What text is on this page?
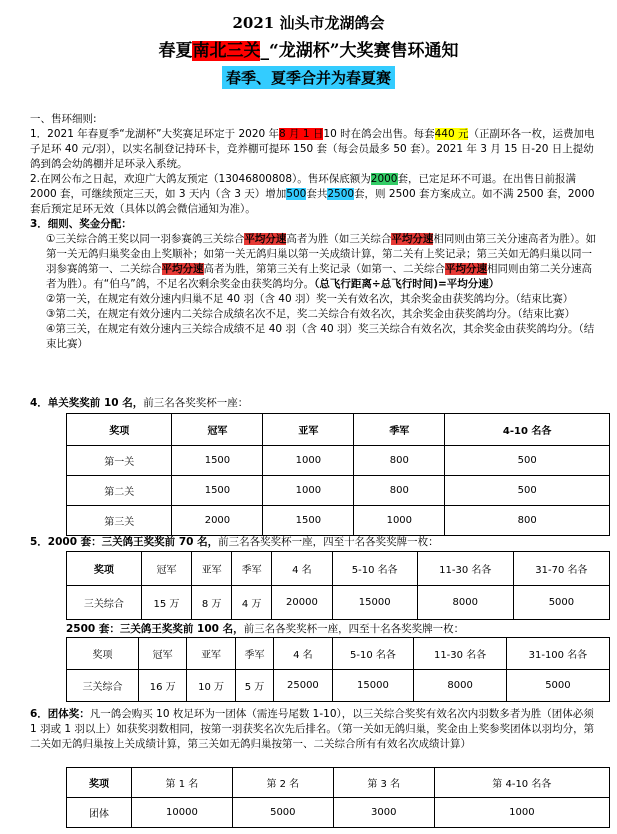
2021 汕头市龙湖鸽会
春夏南北三关_“龙湖杯”大奖赛售环通知
春季、夏季合并为春夏赛
一、售环细则:
1．2021 年春夏季“龙湖杯”大奖赛足环定于 2020 年8 月 1 日10 时在鸽会出售。每套440 元（正副环各一枚，运费加电子足环 40 元/羽），以实名制登记持环卡，竞养棚可提环 150 套（每会员最多 50 套）。2021 年 3 月 15 日-20 日上提幼鸽到鸽会幼鸽棚并足环录入系统。
2.在网公布之日起，欢迎广大鸽友预定（13046800808）。售环保底额为2000套，已定足环不可退。在出售日前报满 2000 套，可继续预定三天，如 3 天内（含 3 天）增加500套共2500套，则 2500 套方案成立。如不满 2500 套，2000 套后预定足环无效（具体以鸽会微信通知为准）。
3．细则、奖金分配：
①三关综合鸽王奖以同一羽参赛鸽三关综合平均分速高者为胜（如三关综合平均分速相同则由第三关分速高者为胜）。如第一关无鸽归巢奖金由上奖顺补；如第一关无鸽归巢以第一关成绩计算，第二关有上奖记录；第三关如无鸽归巢以同一羽参赛鸽第一、二关综合平均分速高者为胜，第第三关有上奖记录（如第一、二关综合平均分速相同则由第二关分速高者为胜）。有“伯乌”鸽，不足名次剩余奖金由获奖鸽均分。（总飞行距离÷总飞行时间)=平均分速）
②第一关，在规定有效分速内归巢不足 40 羽（含 40 羽）奖一关有效名次，其余奖金由获奖鸽均分。（结束比赛）
③第二关，在规定有效分速内二关综合成绩名次不足，奖二关综合有效名次，其余奖金由获奖鸽均分。（结束比赛）
④第三关，在规定有效分速内三关综合成绩不足 40 羽（含 40 羽）奖三关综合有效名次，其余奖金由获奖鸽均分。（结束比赛）
4．单关奖奖前 10 名，前三名各奖奖杯一座：
奖项	冠军	亚军	季军	4-10 名各
第一关	1500	1000	800	500
第二关	1500	1000	800	500
第三关	2000	1500	1000	800
5．2000 套：三关鸽王奖奖前 70 名，前三名各奖奖杯一座，四至十名各奖奖牌一枚：
奖项	冠军	亚军	季军	4 名	5-10 名各	11-30 名各	31-70 名各
三关综合	15 万	8 万	4 万	20000	15000	8000	5000
2500 套：三关鸽王奖奖前 100 名，前三名各奖奖杯一座，四至十名各奖奖牌一枚：
奖项	冠军	亚军	季军	4 名	5-10 名各	11-30 名各	31-100 名各
三关综合	16 万	10 万	5 万	25000	15000	8000	5000
6．团体奖：凡一鸽会购买 10 枚足环为一团体（需连号尾数 1-10），以三关综合奖奖有效名次内羽数多者为胜（团体必须 1 羽或 1 羽以上）如获奖羽数相同，按第一羽获奖名次先后排名。（第一关如无鸽归巢，奖金由上奖参奖团体以羽均分，第二关如无鸽归巢按上关成绩计算，第三关如无鸽归巢按第一、二关综合所有有效名次成绩计算）
奖项	第 1 名	第 2 名	第 3 名	第 4-10 名各
团体	10000	5000	3000	1000
